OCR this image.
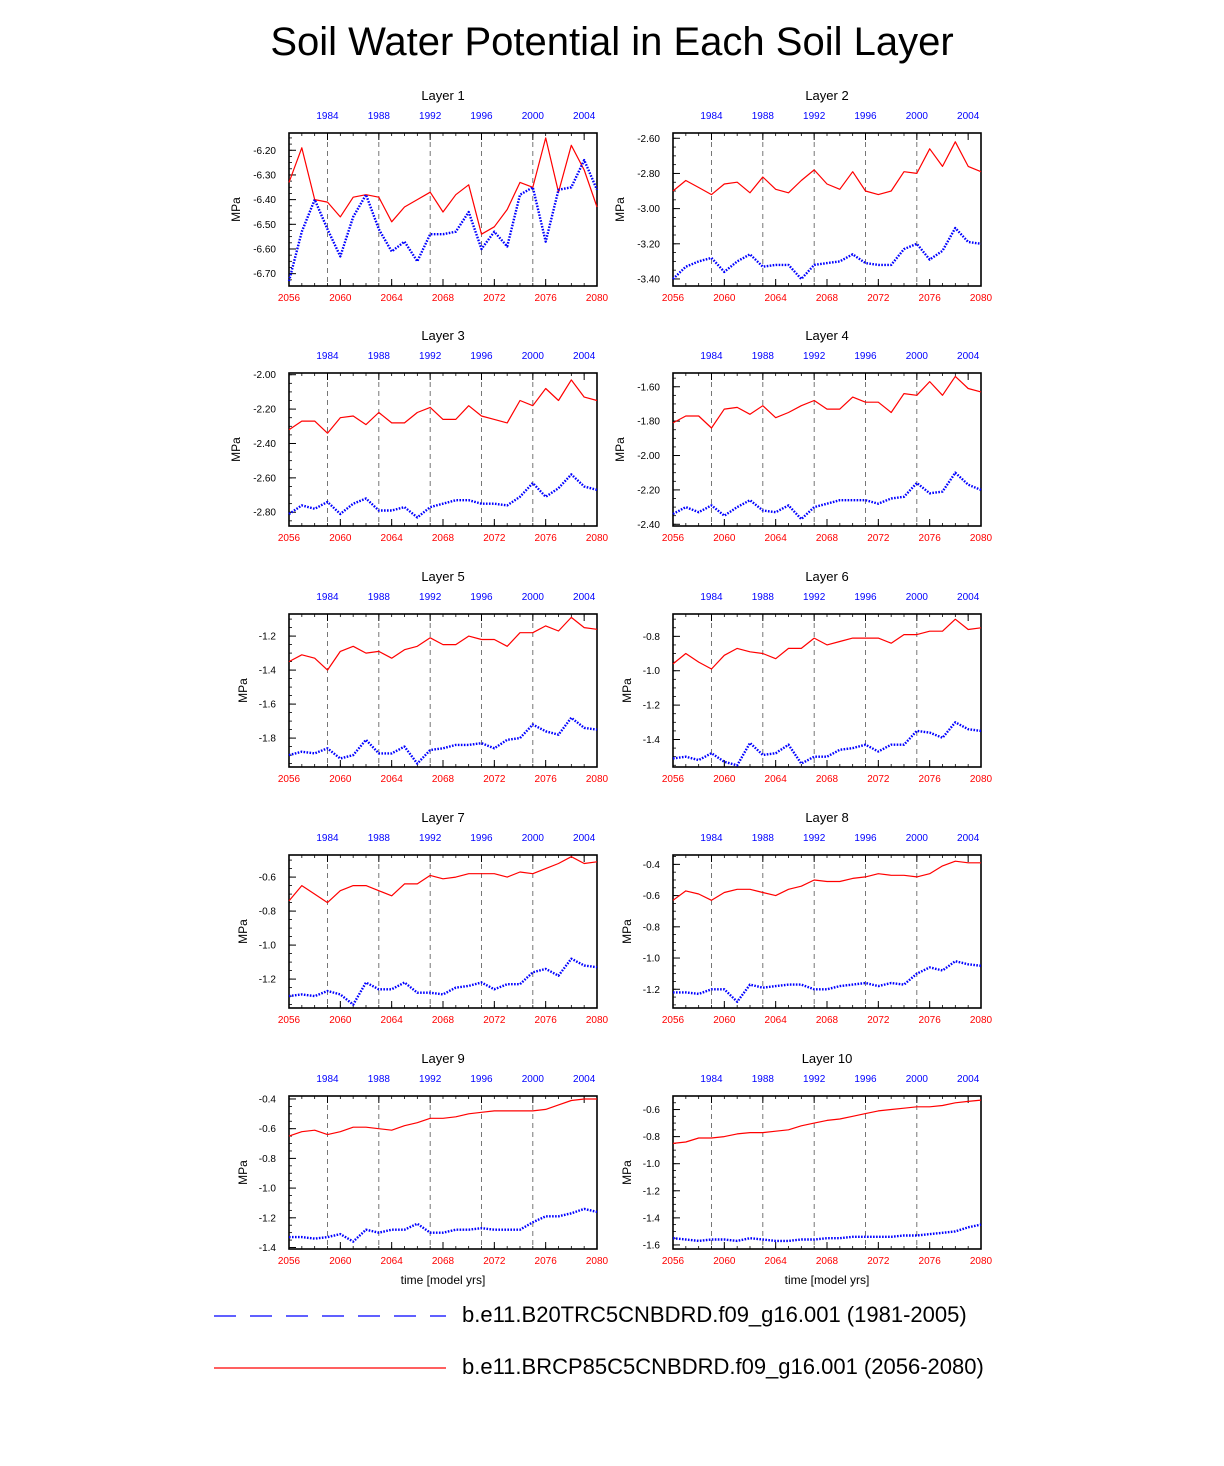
Soil Water Potential in Each Soil Layer
2056	2060	2064	2068	2072	2076	2080
1984	1988	1992	1996	2000	2004
-6.20
-6.30
-6.40
-6.50
-6.60
-6.70
Layer 1
MPa
2056	2060	2064	2068	2072	2076	2080
1984	1988	1992	1996	2000	2004
-2.60
-2.80
-3.00
-3.20
-3.40
Layer 2
MPa
2056	2060	2064	2068	2072	2076	2080
1984	1988	1992	1996	2000	2004
-2.00
-2.20
-2.40
-2.60
-2.80
Layer 3
MPa
2056	2060	2064	2068	2072	2076	2080
1984	1988	1992	1996	2000	2004
-1.60
-1.80
-2.00
-2.20
-2.40
Layer 4
MPa
2056	2060	2064	2068	2072	2076	2080
1984	1988	1992	1996	2000	2004
-1.2
-1.4
-1.6
-1.8
Layer 5
MPa
2056	2060	2064	2068	2072	2076	2080
1984	1988	1992	1996	2000	2004
-0.8
-1.0
-1.2
-1.4
Layer 6
MPa
2056	2060	2064	2068	2072	2076	2080
1984	1988	1992	1996	2000	2004
-0.6
-0.8
-1.0
-1.2
Layer 7
MPa
2056	2060	2064	2068	2072	2076	2080
1984	1988	1992	1996	2000	2004
-0.4
-0.6
-0.8
-1.0
-1.2
Layer 8
MPa
2056	2060	2064	2068	2072	2076	2080
1984	1988	1992	1996	2000	2004
-0.4
-0.6
-0.8
-1.0
-1.2
-1.4
Layer 9
MPa
time [model yrs]
2056	2060	2064	2068	2072	2076	2080
1984	1988	1992	1996	2000	2004
-0.6
-0.8
-1.0
-1.2
-1.4
-1.6
Layer 10
MPa
time [model yrs]
b.e11.B20TRC5CNBDRD.f09_g16.001 (1981-2005)
b.e11.BRCP85C5CNBDRD.f09_g16.001 (2056-2080)
